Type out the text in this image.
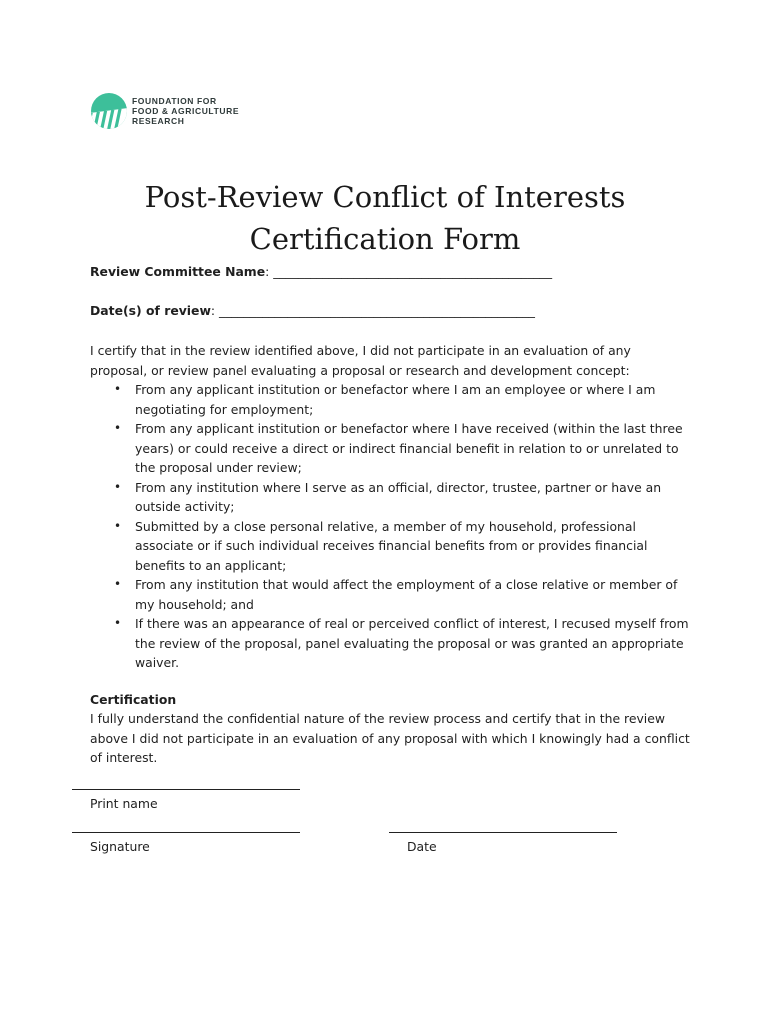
FOUNDATION FOR
FOOD & AGRICULTURE
RESEARCH

Post-Review Conflict of Interests
Certification Form

Review Committee Name: _____________________________________________

Date(s) of review: ___________________________________________________

I certify that in the review identified above, I did not participate in an evaluation of any proposal, or review panel evaluating a proposal or research and development concept:

• From any applicant institution or benefactor where I am an employee or where I am negotiating for employment;
• From any applicant institution or benefactor where I have received (within the last three years) or could receive a direct or indirect financial benefit in relation to or unrelated to the proposal under review;
• From any institution where I serve as an official, director, trustee, partner or have an outside activity;
• Submitted by a close personal relative, a member of my household, professional associate or if such individual receives financial benefits from or provides financial benefits to an applicant;
• From any institution that would affect the employment of a close relative or member of my household; and
• If there was an appearance of real or perceived conflict of interest, I recused myself from the review of the proposal, panel evaluating the proposal or was granted an appropriate waiver.

Certification

I fully understand the confidential nature of the review process and certify that in the review above I did not participate in an evaluation of any proposal with which I knowingly had a conflict of interest.

Print name

Signature	Date
